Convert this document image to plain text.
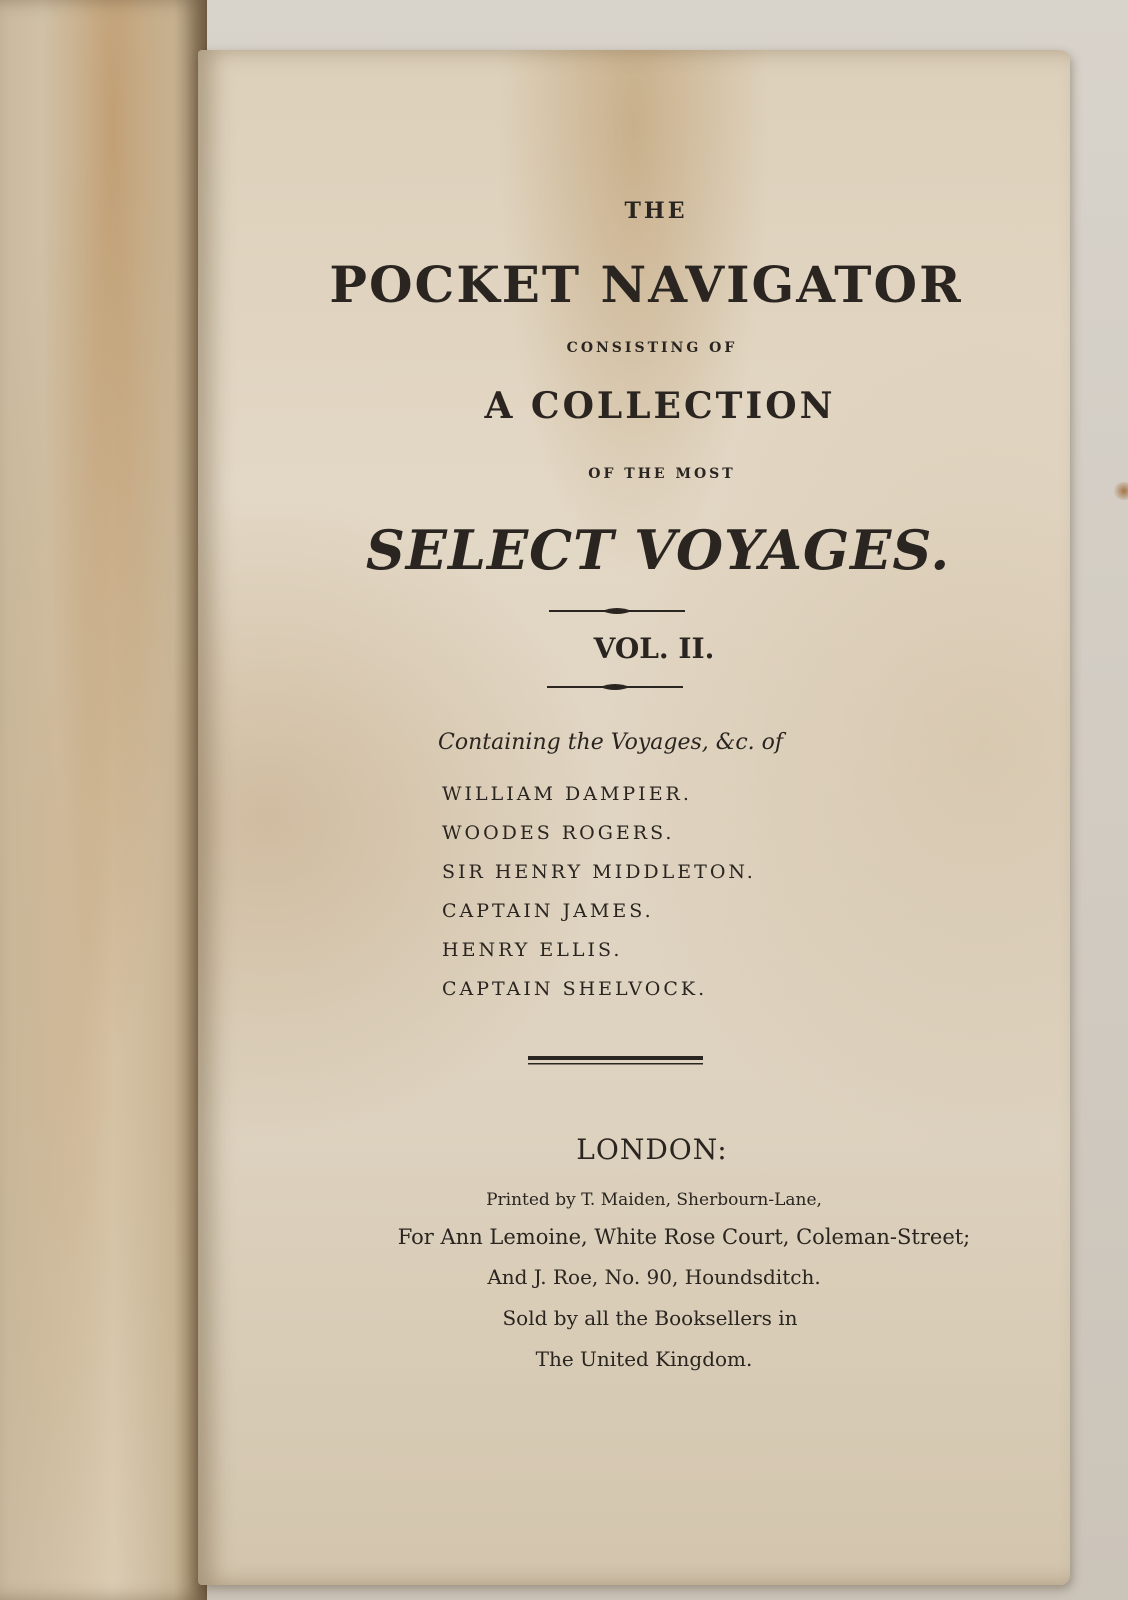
THE
POCKET NAVIGATOR
CONSISTING OF
A COLLECTION
OF THE MOST
SELECT VOYAGES.
VOL. II.
Containing the Voyages, &c. of
WILLIAM DAMPIER.
WOODES ROGERS.
SIR HENRY MIDDLETON.
CAPTAIN JAMES.
HENRY ELLIS.
CAPTAIN SHELVOCK.
LONDON:
Printed by T. Maiden, Sherbourn-Lane,
For Ann Lemoine, White Rose Court, Coleman-Street;
And J. Roe, No. 90, Houndsditch.
Sold by all the Booksellers in
The United Kingdom.
